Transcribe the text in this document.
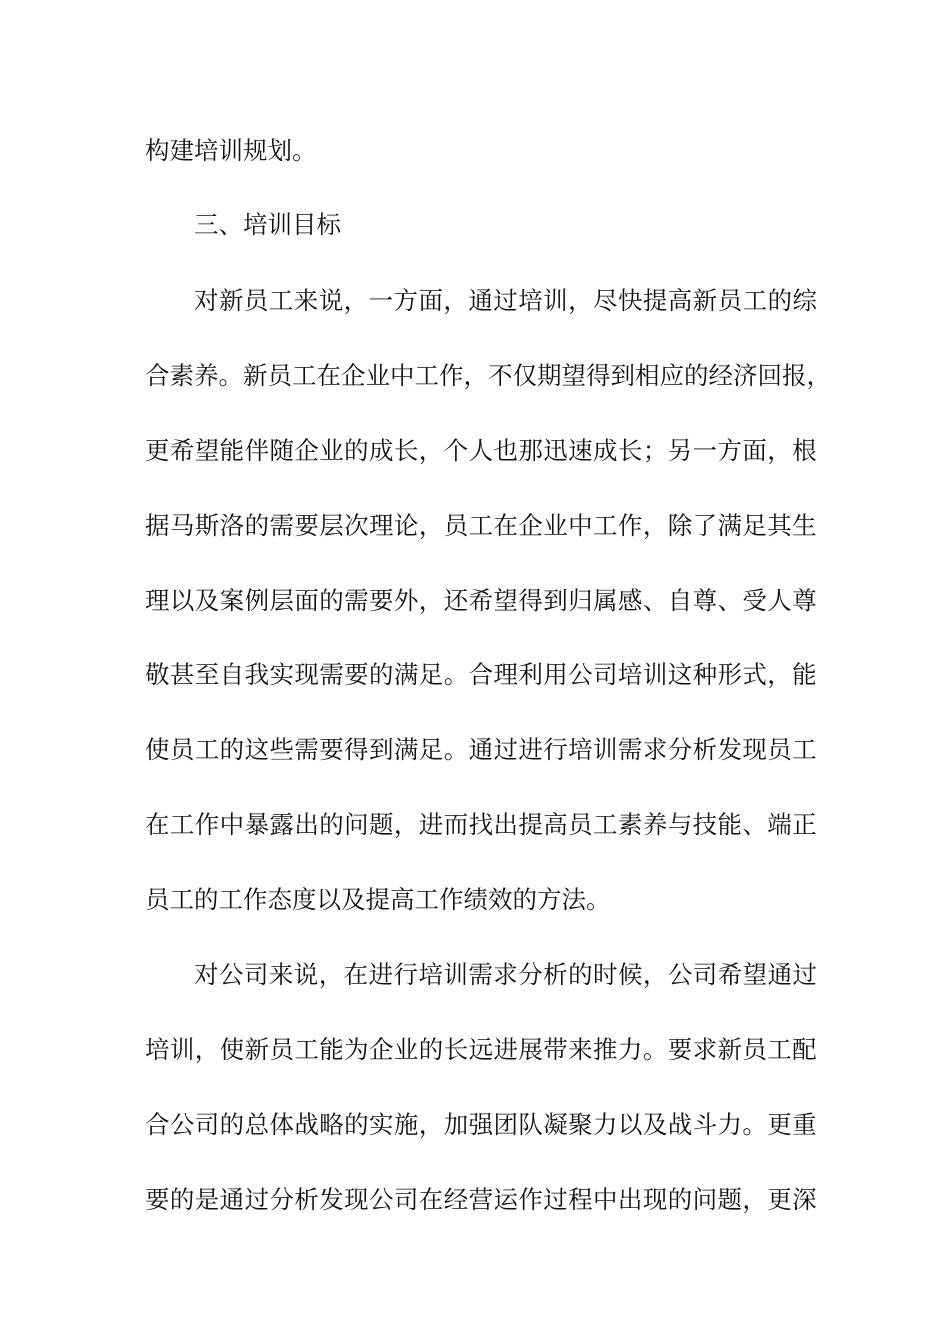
构建培训规划。
三、培训目标
对 新 员 工 来 说 ， 一 方 面 ， 通 过 培 训 ， 尽 快 提 高 新 员 工 的 综
合 素 养 。 新 员 工 在 企 业 中 工 作 ， 不 仅 期 望 得 到 相 应 的 经 济 回 报 ，
更 希 望 能 伴 随 企 业 的 成 长 ， 个 人 也 那 迅 速 成 长 ； 另 一 方 面 ， 根
据 马 斯 洛 的 需 要 层 次 理 论 ， 员 工 在 企 业 中 工 作 ， 除 了 满 足 其 生
理 以 及 案 例 层 面 的 需 要 外 ， 还 希 望 得 到 归 属 感 、 自 尊 、 受 人 尊
敬 甚 至 自 我 实 现 需 要 的 满 足 。 合 理 利 用 公 司 培 训 这 种 形 式 ， 能
使 员 工 的 这 些 需 要 得 到 满 足 。 通 过 进 行 培 训 需 求 分 析 发 现 员 工
在 工 作 中 暴 露 出 的 问 题 ， 进 而 找 出 提 高 员 工 素 养 与 技 能 、 端 正
员工的工作态度以及提高工作绩效的方法。
对 公 司 来 说 ， 在 进 行 培 训 需 求 分 析 的 时 候 ， 公 司 希 望 通 过
培 训 ， 使 新 员 工 能 为 企 业 的 长 远 进 展 带 来 推 力 。 要 求 新 员 工 配
合 公 司 的 总 体 战 略 的 实 施 ， 加 强 团 队 凝 聚 力 以 及 战 斗 力 。 更 重
要 的 是 通 过 分 析 发 现 公 司 在 经 营 运 作 过 程 中 出 现 的 问 题 ， 更 深
